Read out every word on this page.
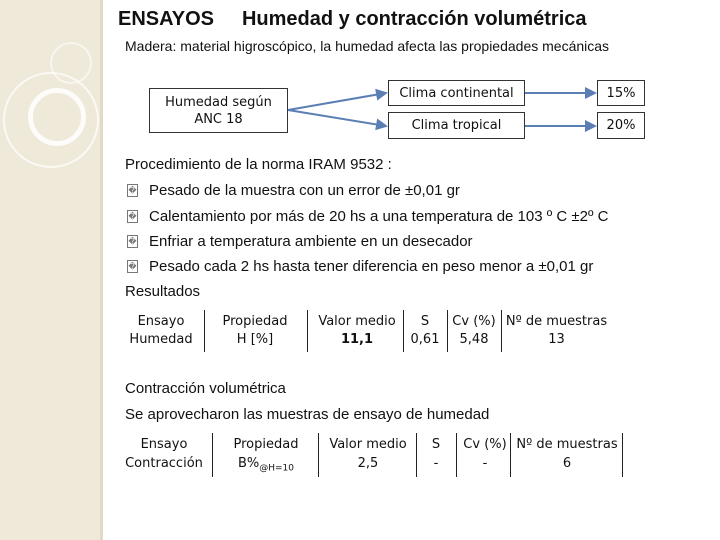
ENSAYOS Humedad y contracción volumétrica
Madera: material higroscópico, la humedad afecta las propiedades mecánicas
Humedad según
ANC 18
Clima continental
Clima tropical
15%
20%
Procedimiento de la norma IRAM 9532 :
� Pesado de la muestra con un error de ±0,01 gr
� Calentamiento por más de 20 hs a una temperatura de 103 º C ±2º C
� Enfriar a temperatura ambiente en un desecador
� Pesado cada 2 hs hasta tener diferencia en peso menor a ±0,01 gr
Resultados
Ensayo
Humedad
Propiedad
H [%]
Valor medio
11,1
S
0,61
Cv (%)
5,48
Nº de muestras
13
Contracción volumétrica
Se aprovecharon las muestras de ensayo de humedad
Ensayo
Contracción
Propiedad
$B\%_{@H=10}$
Valor medio
2,5
S
-
Cv (%)
-
Nº de muestras
6
